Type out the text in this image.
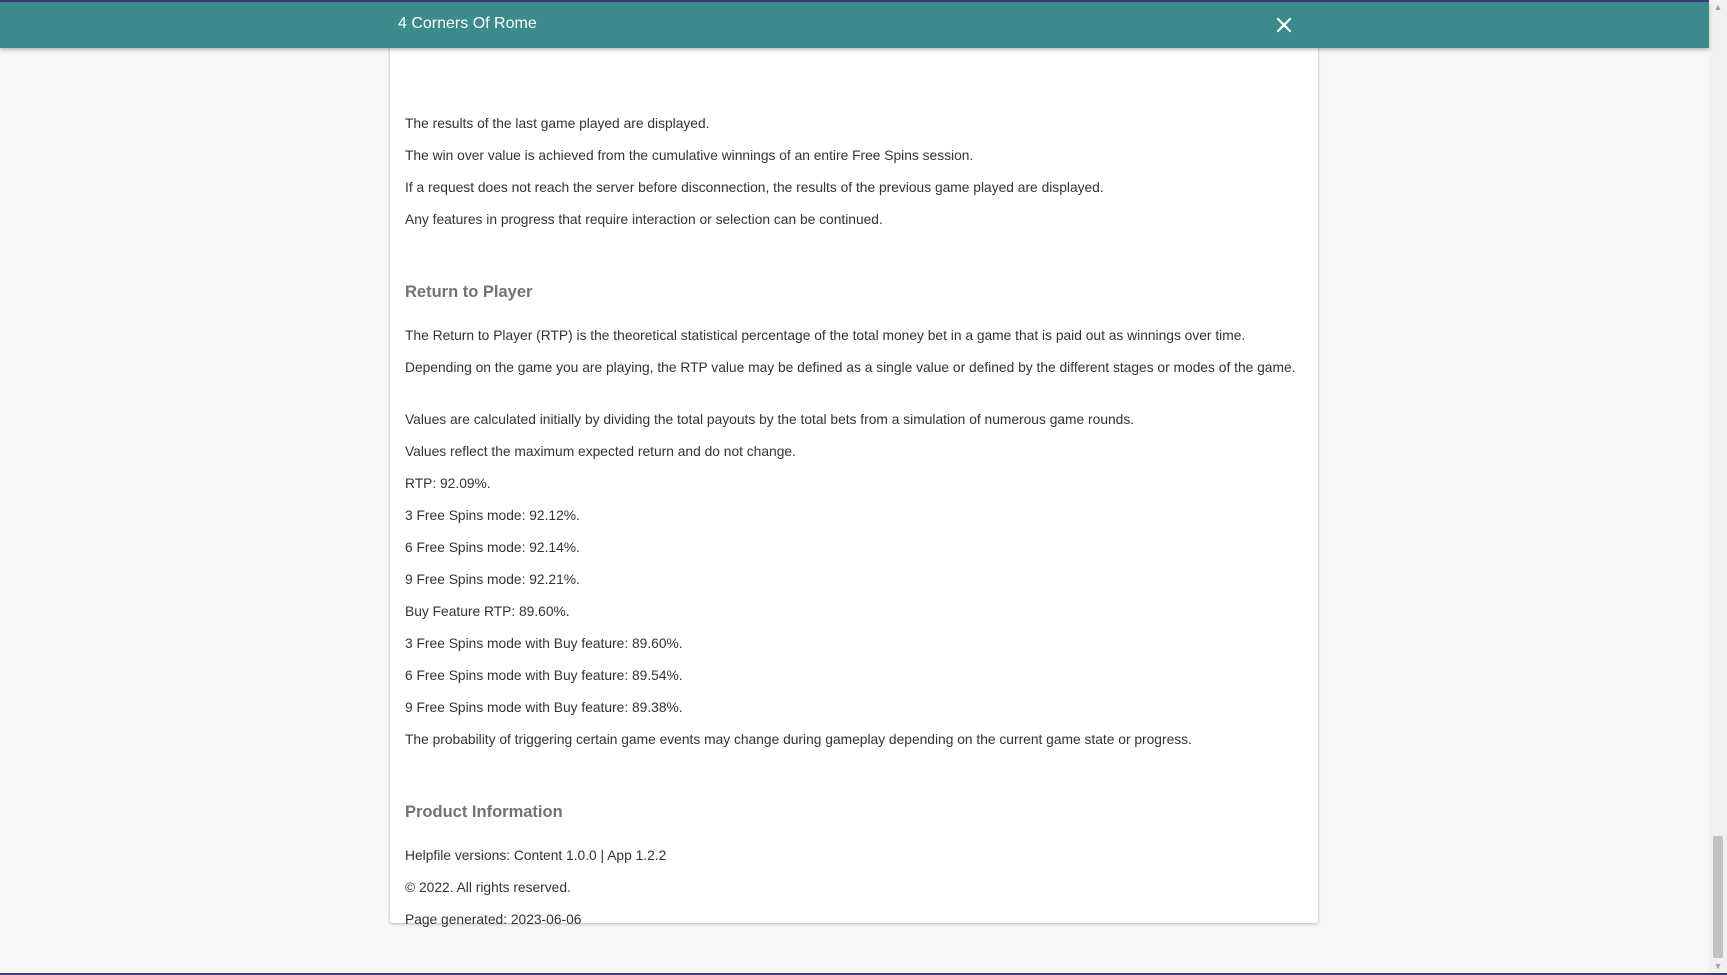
4 Corners Of Rome

The results of the last game played are displayed.

The win over value is achieved from the cumulative winnings of an entire Free Spins session.

If a request does not reach the server before disconnection, the results of the previous game played are displayed.

Any features in progress that require interaction or selection can be continued.

Return to Player

The Return to Player (RTP) is the theoretical statistical percentage of the total money bet in a game that is paid out as winnings over time.

Depending on the game you are playing, the RTP value may be defined as a single value or defined by the different stages or modes of the game.

Values are calculated initially by dividing the total payouts by the total bets from a simulation of numerous game rounds.

Values reflect the maximum expected return and do not change.

RTP: 92.09%.

3 Free Spins mode: 92.12%.

6 Free Spins mode: 92.14%.

9 Free Spins mode: 92.21%.

Buy Feature RTP: 89.60%.

3 Free Spins mode with Buy feature: 89.60%.

6 Free Spins mode with Buy feature: 89.54%.

9 Free Spins mode with Buy feature: 89.38%.

The probability of triggering certain game events may change during gameplay depending on the current game state or progress.

Product Information

Helpfile versions: Content 1.0.0 | App 1.2.2

© 2022. All rights reserved.

Page generated: 2023-06-06

▲
▼
